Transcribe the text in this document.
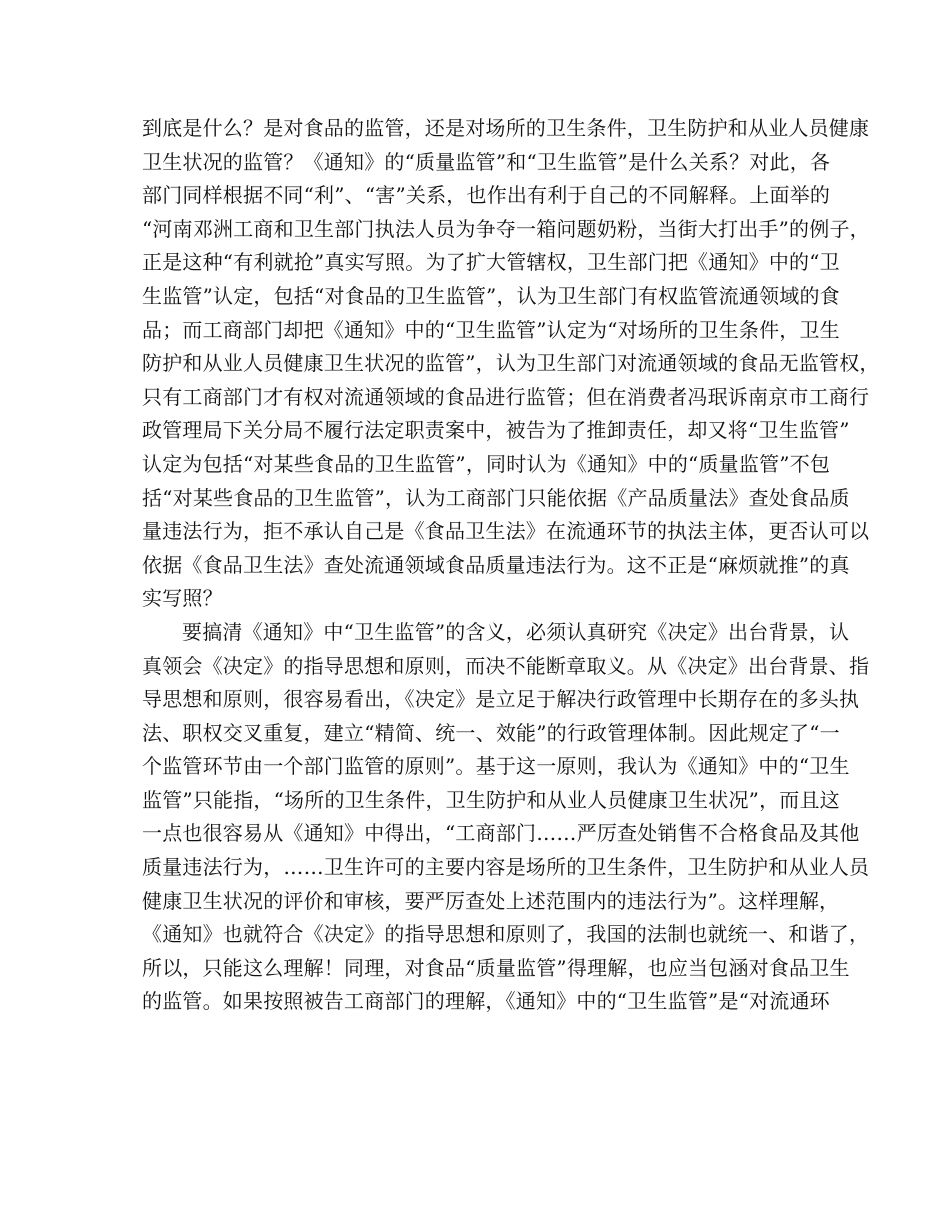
到底是什么？是对食品的监管，还是对场所的卫生条件，卫生防护和从业人员健康
卫生状况的监管？《通知》的“质量监管”和“卫生监管”是什么关系？对此，各
部门同样根据不同“利”、“害”关系，也作出有利于自己的不同解释。上面举的
“河南邓洲工商和卫生部门执法人员为争夺一箱问题奶粉，当街大打出手”的例子，
正是这种“有利就抢”真实写照。为了扩大管辖权，卫生部门把《通知》中的“卫
生监管”认定，包括“对食品的卫生监管”，认为卫生部门有权监管流通领域的食
品；而工商部门却把《通知》中的“卫生监管”认定为“对场所的卫生条件，卫生
防护和从业人员健康卫生状况的监管”，认为卫生部门对流通领域的食品无监管权，
只有工商部门才有权对流通领域的食品进行监管；但在消费者冯珉诉南京市工商行
政管理局下关分局不履行法定职责案中，被告为了推卸责任，却又将“卫生监管”
认定为包括“对某些食品的卫生监管”，同时认为《通知》中的“质量监管”不包
括“对某些食品的卫生监管”，认为工商部门只能依据《产品质量法》查处食品质
量违法行为，拒不承认自己是《食品卫生法》在流通环节的执法主体，更否认可以
依据《食品卫生法》查处流通领域食品质量违法行为。这不正是“麻烦就推”的真
实写照？
要搞清《通知》中“卫生监管”的含义，必须认真研究《决定》出台背景，认
真领会《决定》的指导思想和原则，而决不能断章取义。从《决定》出台背景、指
导思想和原则，很容易看出，《决定》是立足于解决行政管理中长期存在的多头执
法、职权交叉重复，建立“精简、统一、效能”的行政管理体制。因此规定了“一
个监管环节由一个部门监管的原则”。基于这一原则，我认为《通知》中的“卫生
监管”只能指，“场所的卫生条件，卫生防护和从业人员健康卫生状况”，而且这
一点也很容易从《通知》中得出，“工商部门……严厉查处销售不合格食品及其他
质量违法行为，……卫生许可的主要内容是场所的卫生条件，卫生防护和从业人员
健康卫生状况的评价和审核，要严厉查处上述范围内的违法行为”。这样理解，
《通知》也就符合《决定》的指导思想和原则了，我国的法制也就统一、和谐了，
所以，只能这么理解！同理，对食品“质量监管”得理解，也应当包涵对食品卫生
的监管。如果按照被告工商部门的理解，《通知》中的“卫生监管”是“对流通环
